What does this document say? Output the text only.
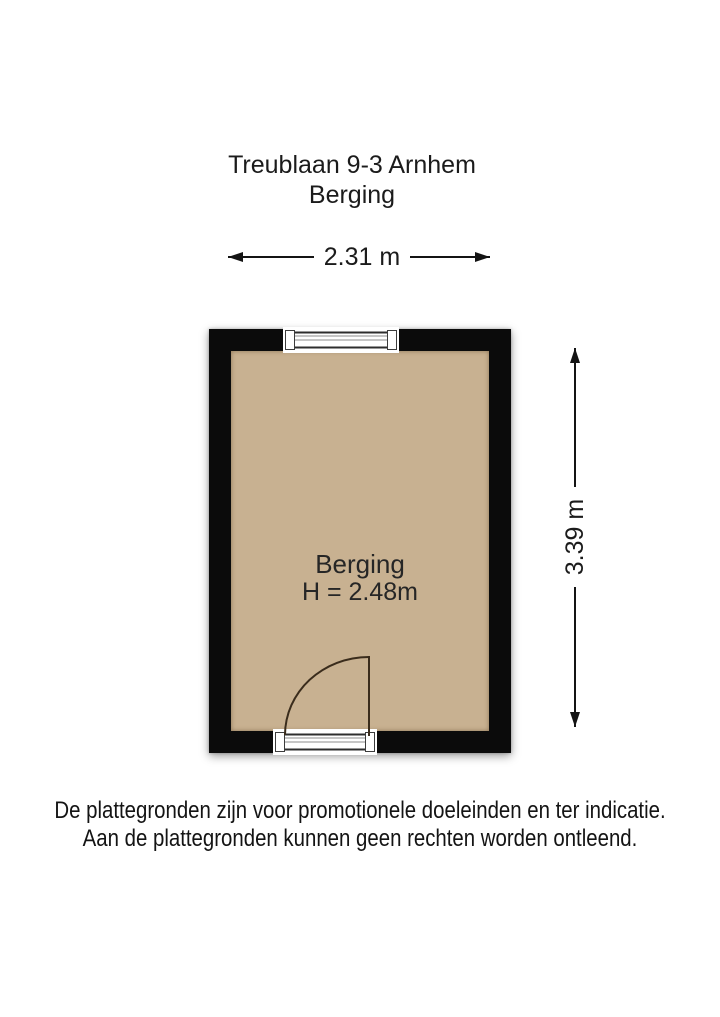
Treublaan 9-3 Arnhem
Berging
2.31 m
3.39 m
Berging
H = 2.48m
De plattegronden zijn voor promotionele doeleinden en ter indicatie.
Aan de plattegronden kunnen geen rechten worden ontleend.
